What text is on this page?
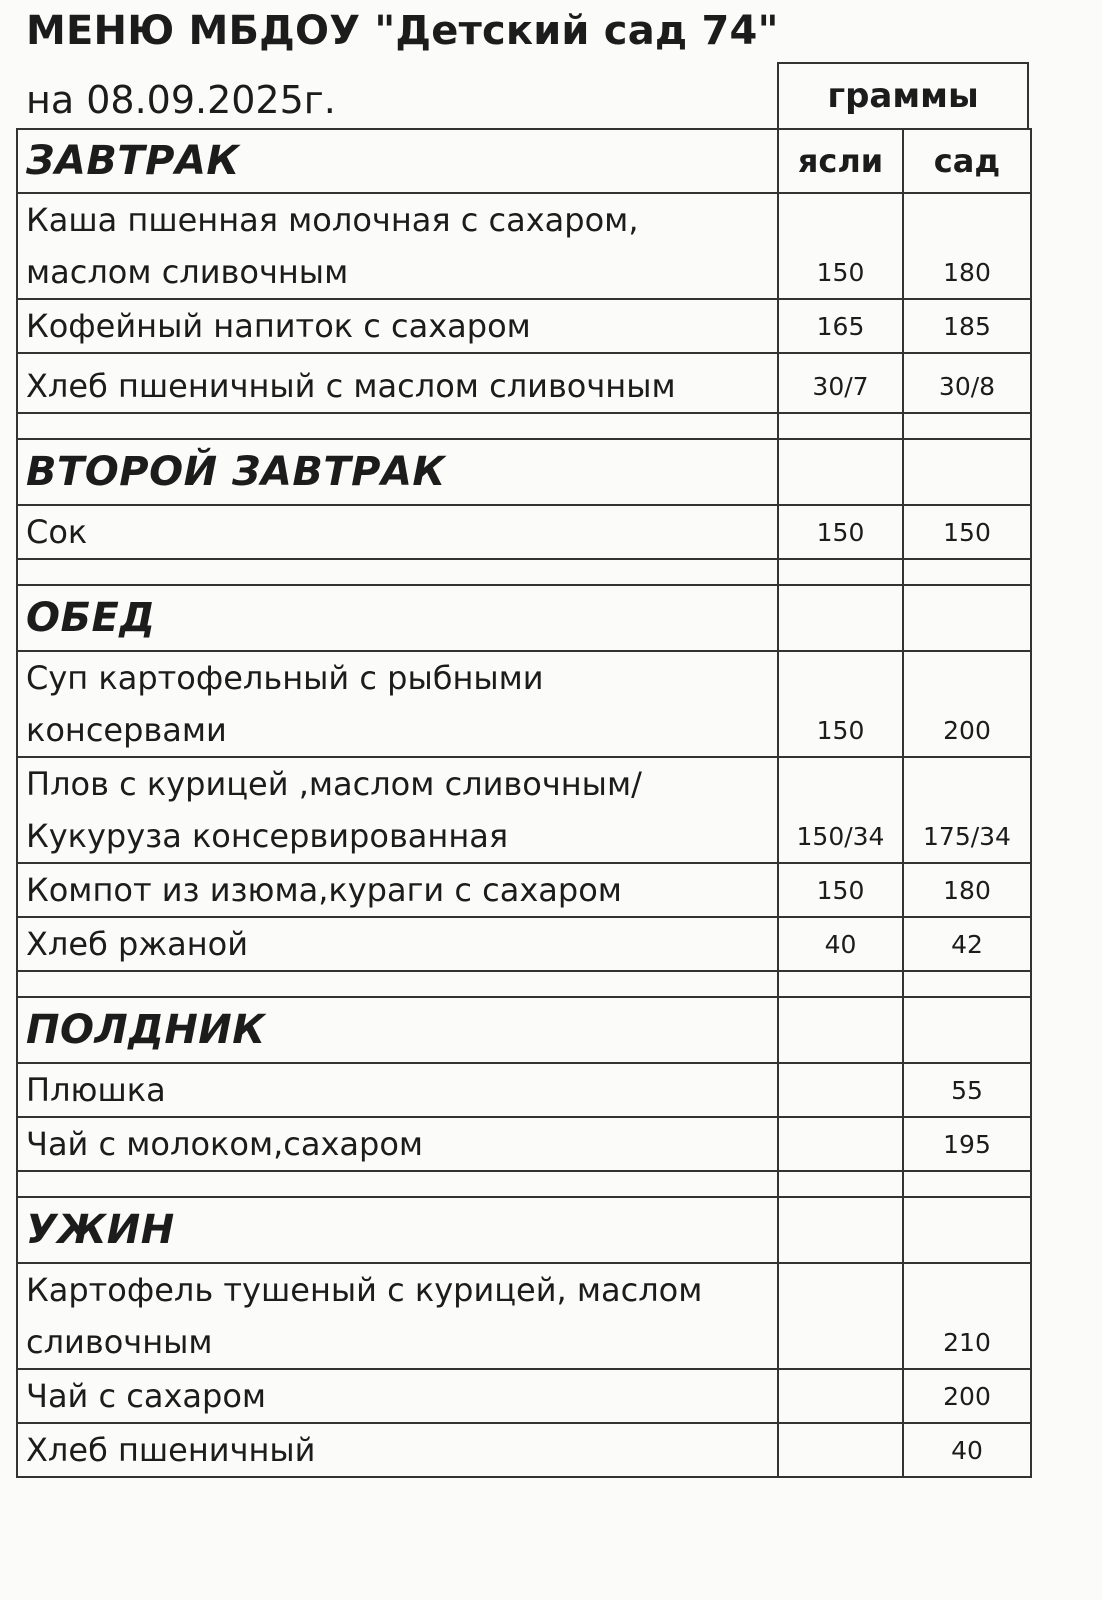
МЕНЮ МБДОУ "Детский сад 74"
на 08.09.2025г.	граммы
ЗАВТРАК	ясли	сад

Каша пшенная молочная с сахаром,
маслом сливочным	150	180

Кофейный напиток с сахаром	165	185

Хлеб пшеничный с маслом сливочным	30/7	30/8

ВТОРОЙ ЗАВТРАК		

Сок	150	150

ОБЕД		

Суп картофельный с рыбными
консервами	150	200

Плов с курицей ,маслом сливочным/
Кукуруза консервированная	150/34	175/34

Компот из изюма,кураги с сахаром	150	180

Хлеб ржаной	40	42

ПОЛДНИК		

Плюшка		55

Чай с молоком,сахаром		195

УЖИН		

Картофель тушеный с курицей, маслом
сливочным		210

Чай с сахаром		200

Хлеб пшеничный		40
